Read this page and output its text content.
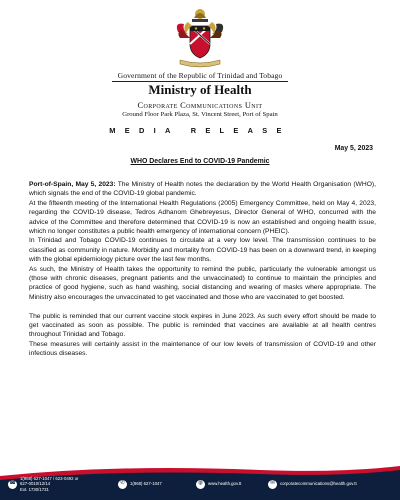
Government of the Republic of Trinidad and Tobago
Ministry of Health
Corporate Communications Unit
Ground Floor Park Plaza, St. Vincent Street, Port of Spain
MEDIA RELEASE
May 5, 2023
WHO Declares End to COVID-19 Pandemic

Port-of-Spain, May 5, 2023: The Ministry of Health notes the declaration by the World Health Organisation (WHO), which signals the end of the COVID-19 global pandemic.

At the fifteenth meeting of the International Health Regulations (2005) Emergency Committee, held on May 4, 2023, regarding the COVID-19 disease, Tedros Adhanom Ghebreyesus, Director General of WHO, concurred with the advice of the Committee and therefore determined that COVID-19 is now an established and ongoing health issue, which no longer constitutes a public health emergency of international concern (PHEIC).

In Trinidad and Tobago COVID-19 continues to circulate at a very low level. The transmission continues to be classified as community in nature. Morbidity and mortality from COVID-19 has been on a downward trend, in keeping with the global epidemiology picture over the last few months.

As such, the Ministry of Health takes the opportunity to remind the public, particularly the vulnerable amongst us (those with chronic diseases, pregnant patients and the unvaccinated) to continue to maintain the principles and practice of good hygiene, such as hand washing, social distancing and wearing of masks where appropriate. The Ministry also encourages the unvaccinated to get vaccinated and those who are vaccinated to get boosted.

The public is reminded that our current vaccine stock expires in June 2023. As such every effort should be made to get vaccinated as soon as possible. The public is reminded that vaccines are available at all health centres throughout Trinidad and Tobago.

These measures will certainly assist in the maintenance of our low levels of transmission of COVID-19 and other infectious diseases.

☎
1(868) 627-1047 / 623-0492 or
627-0010/12/14
Ext. 1730/1731
✆	1(868) 627-1047	◍	www.health.gov.tt	✉	corporatecommunications@health.gov.tt
